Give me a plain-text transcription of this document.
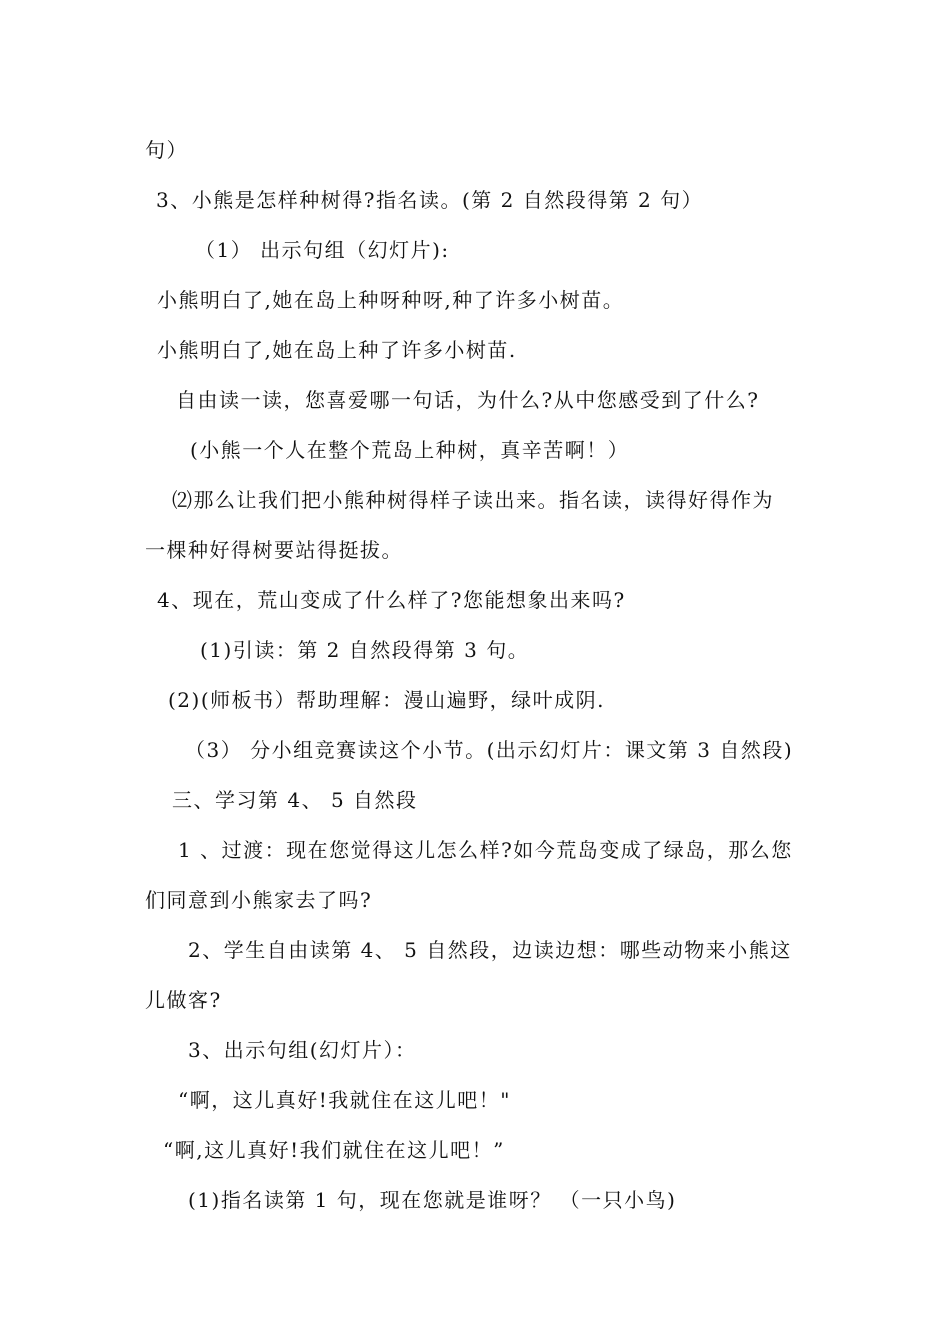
句）
3、小熊是怎样种树得?指名读。(第 2 自然段得第 2 句）
（1） 出示句组（幻灯片):
小熊明白了,她在岛上种呀种呀,种了许多小树苗。
小熊明白了,她在岛上种了许多小树苗.
自由读一读，您喜爱哪一句话，为什么?从中您感受到了什么?
(小熊一个人在整个荒岛上种树，真辛苦啊！）
⑵那么让我们把小熊种树得样子读出来。指名读，读得好得作为
一棵种好得树要站得挺拔。
4、现在，荒山变成了什么样了?您能想象出来吗?
(1)引读：第 2 自然段得第 3 句。
(2)(师板书）帮助理解：漫山遍野，绿叶成阴.
（3） 分小组竞赛读这个小节。(出示幻灯片：课文第 3 自然段)
三、学习第 4、 5 自然段
1 、过渡：现在您觉得这儿怎么样?如今荒岛变成了绿岛，那么您
们同意到小熊家去了吗?
2、学生自由读第 4、 5 自然段，边读边想：哪些动物来小熊这
儿做客?
3、出示句组(幻灯片）：
“啊，这儿真好!我就住在这儿吧！"
“啊,这儿真好!我们就住在这儿吧！”
(1)指名读第 1 句，现在您就是谁呀？ （一只小鸟)
